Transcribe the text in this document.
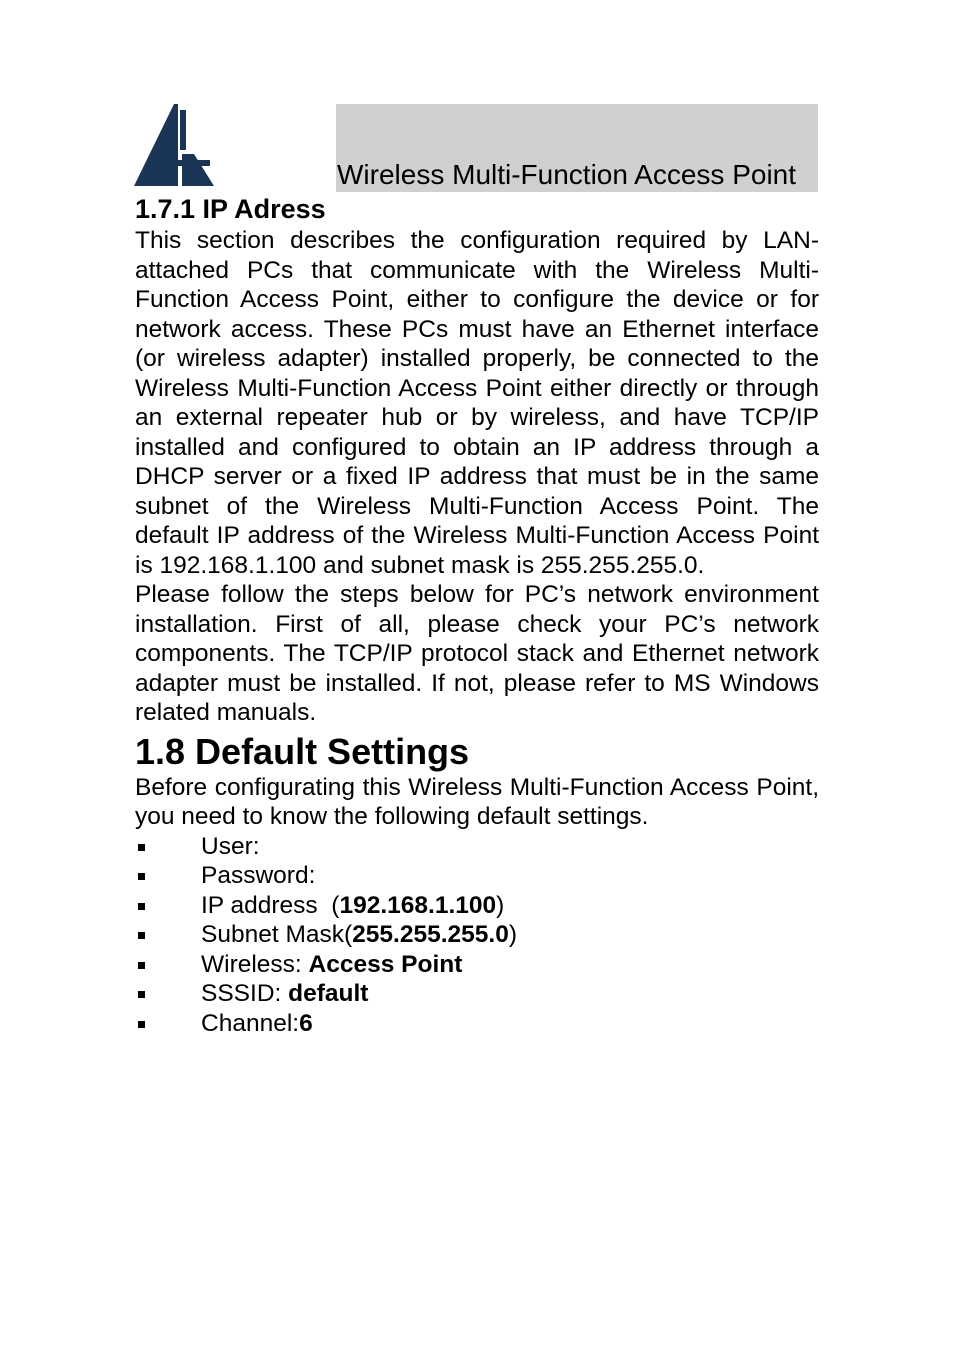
Wireless Multi-Function Access Point
1.7.1 IP Adress

This section describes the configuration required by LAN-attached PCs that communicate with the Wireless Multi-Function Access Point, either to configure the device or for network access. These PCs must have an Ethernet interface (or wireless adapter) installed properly, be connected to the Wireless Multi-Function Access Point either directly or through an external repeater hub or by wireless, and have TCP/IP installed and configured to obtain an IP address through a DHCP server or a fixed IP address that must be in the same subnet of the Wireless Multi-Function Access Point. The default IP address of the Wireless Multi-Function Access Point is 192.168.1.100 and subnet mask is 255.255.255.0.

Please follow the steps below for PC’s network environment installation. First of all, please check your PC’s network components. The TCP/IP protocol stack and Ethernet network adapter must be installed. If not, please refer to MS Windows related manuals.

1.8 Default Settings

Before configurating this Wireless Multi-Function Access Point, you need to know the following default settings.

User:
Password:
IP address  (192.168.1.100)
Subnet Mask(255.255.255.0)
Wireless: Access Point
SSSID: default
Channel:6
